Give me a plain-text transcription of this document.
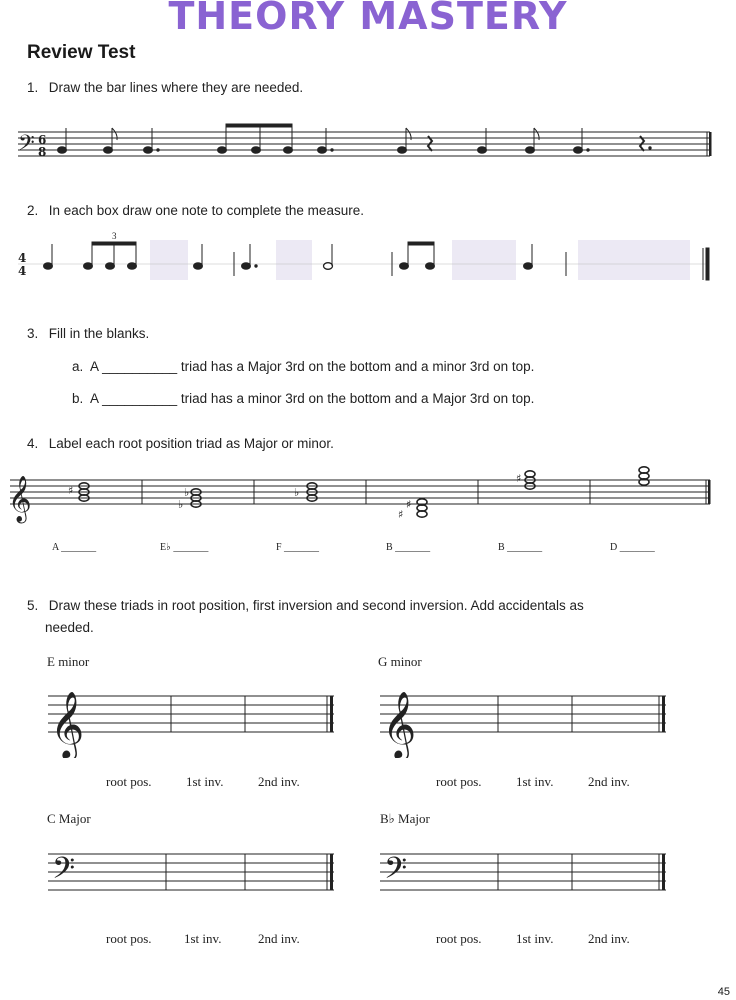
THEORY MASTERY
Review Test
1. Draw the bar lines where they are needed.
𝄢 6
8
2. In each box draw one note to complete the measure.
4
4
3
3. Fill in the blanks.
a. A __________ triad has a Major 3rd on the bottom and a minor 3rd on top.
b. A __________ triad has a minor 3rd on the bottom and a Major 3rd on top.
4. Label each root position triad as Major or minor.
𝄞	♯
♭
♭	♭
♯
♯
♯
A _______	E♭ _______	F _______	B _______	B _______	D _______
5. Draw these triads in root position, first inversion and second inversion. Add accidentals as
needed.
E minor	G minor
C Major	B♭ Major
𝄞	𝄞
root pos.	1st inv.	2nd inv.	root pos.	1st inv.	2nd inv.
𝄢	𝄢
root pos.	1st inv.	2nd inv.	root pos.	1st inv.	2nd inv.
45
